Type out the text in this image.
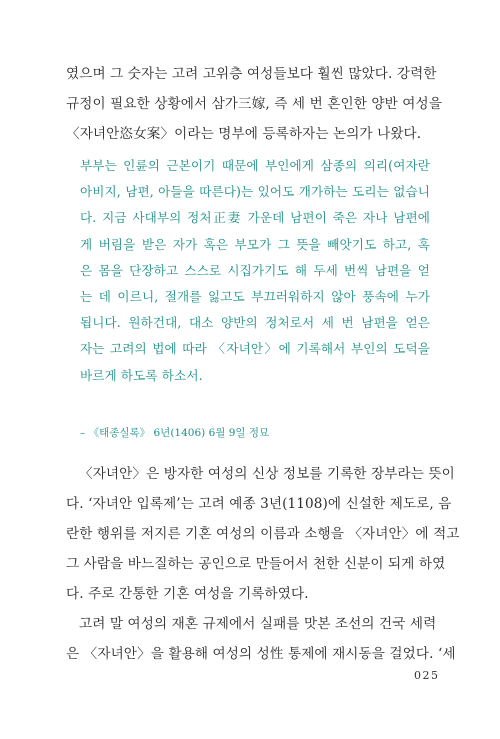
였으며 그 숫자는 고려 고위층 여성들보다 훨씬 많았다. 강력한
규정이 필요한 상황에서 삼가三嫁, 즉 세 번 혼인한 양반 여성을
〈자녀안恣女案〉이라는 명부에 등록하자는 논의가 나왔다.
부부는 인륜의 근본이기 때문에 부인에게 삼종의 의리(여자란
아비지, 남편, 아들을 따른다)는 있어도 개가하는 도리는 없습니
다. 지금 사대부의 정처正妻 가운데 남편이 죽은 자나 남편에
게 버림을 받은 자가 혹은 부모가 그 뜻을 빼앗기도 하고, 혹
은 몸을 단장하고 스스로 시집가기도 해 두세 번씩 남편을 얻
는 데 이르니, 절개를 잃고도 부끄러워하지 않아 풍속에 누가
됩니다. 원하건대, 대소 양반의 정처로서 세 번 남편을 얻은
자는 고려의 법에 따라 〈자녀안〉에 기록해서 부인의 도덕을
바르게 하도록 하소서.
– 《태종실록》 6년(1406) 6월 9일 정묘
〈자녀안〉은 방자한 여성의 신상 정보를 기록한 장부라는 뜻이
다. ‘자녀안 입록제’는 고려 예종 3년(1108)에 신설한 제도로, 음
란한 행위를 저지른 기혼 여성의 이름과 소행을 〈자녀안〉에 적고
그 사람을 바느질하는 공인으로 만들어서 천한 신분이 되게 하였
다. 주로 간통한 기혼 여성을 기록하였다.
고려 말 여성의 재혼 규제에서 실패를 맛본 조선의 건국 세력
은 〈자녀안〉을 활용해 여성의 성性 통제에 재시동을 걸었다. ‘세
025
